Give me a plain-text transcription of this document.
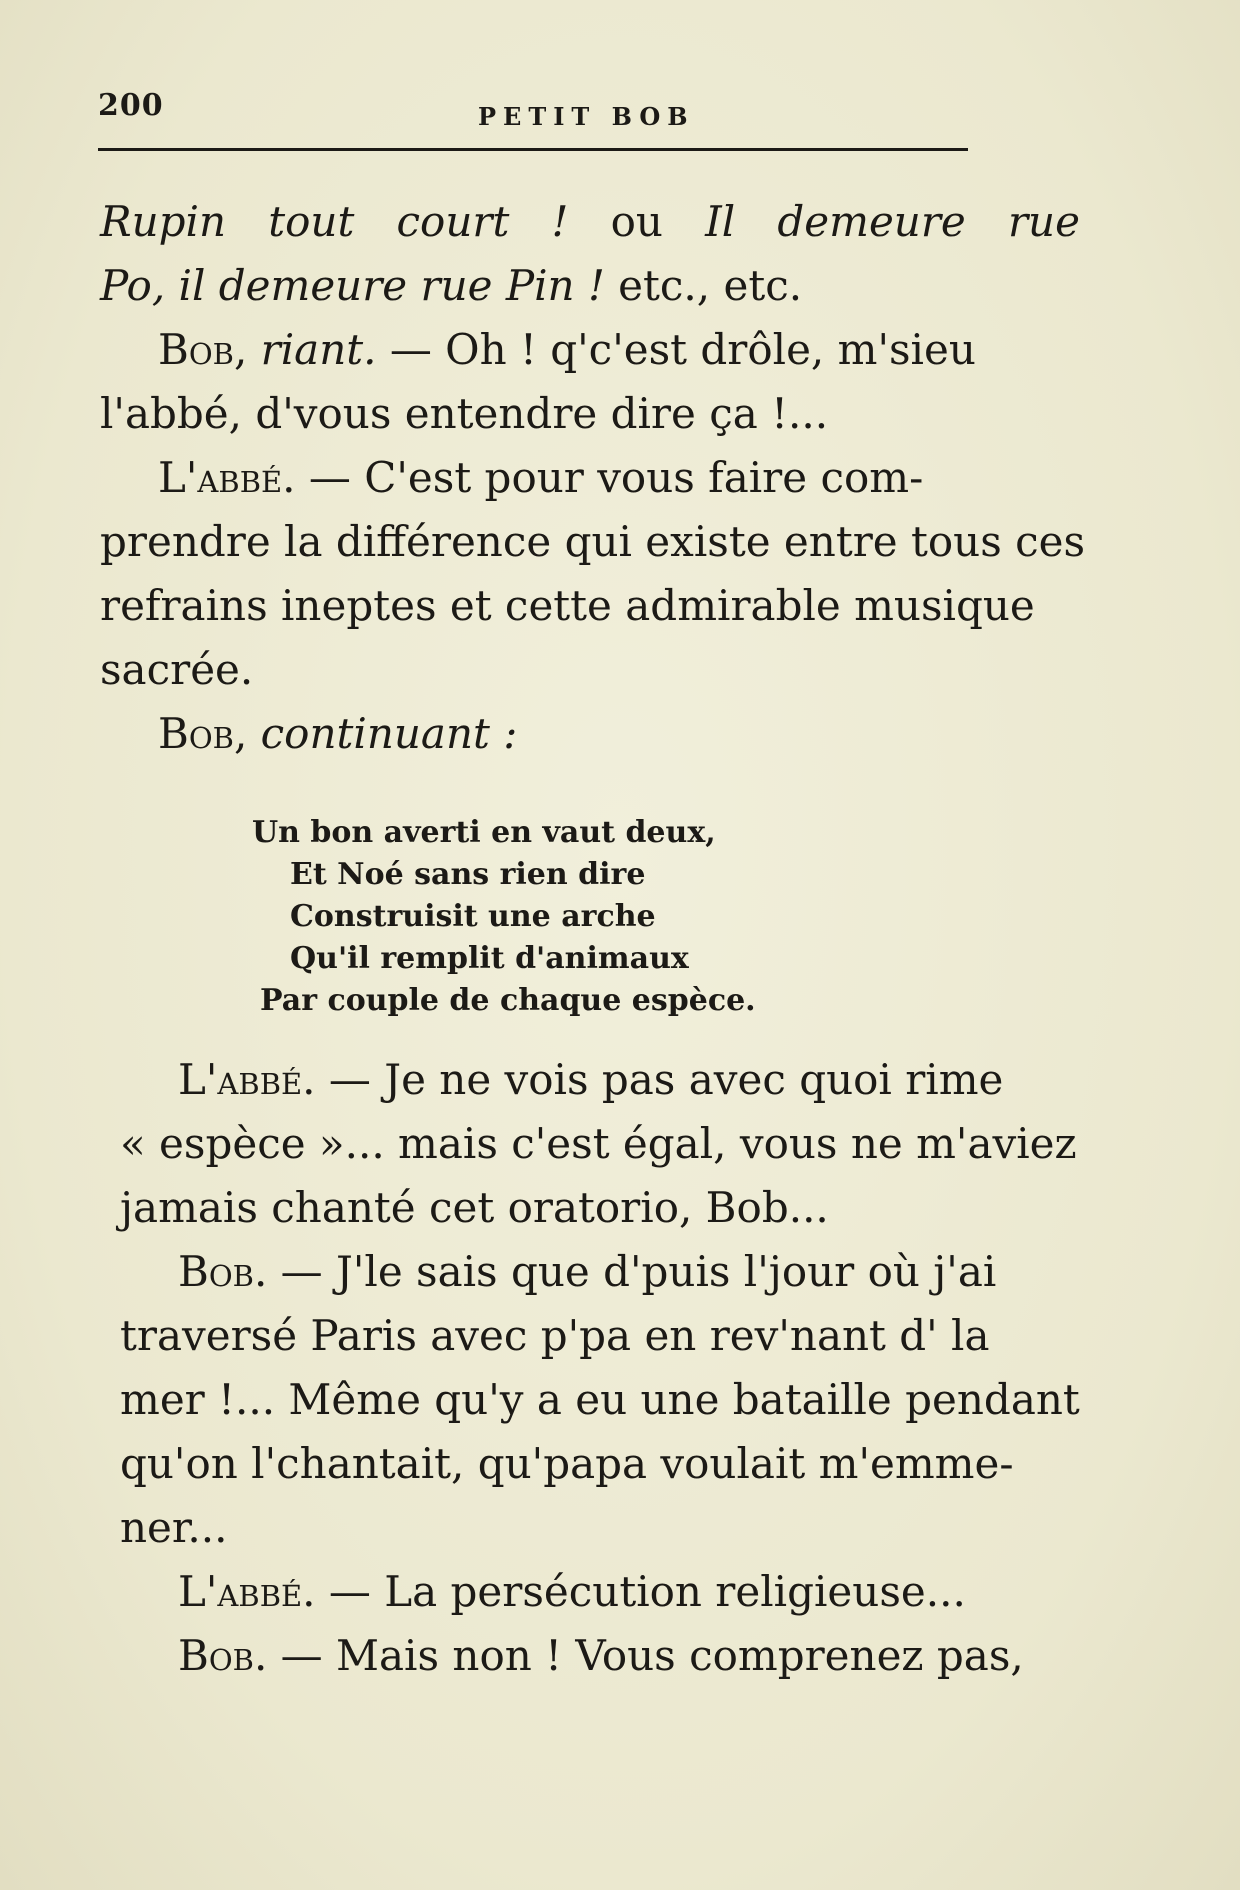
200	PETIT BOB
Rupin tout court ! ou Il demeure rue
Po, il demeure rue Pin ! etc., etc.
Bob, riant. — Oh ! q'c'est drôle, m'sieu
l'abbé, d'vous entendre dire ça !...
L'abbé. — C'est pour vous faire com-
prendre la différence qui existe entre tous ces
refrains ineptes et cette admirable musique
sacrée.
Bob, continuant :
Un bon averti en vaut deux,
Et Noé sans rien dire
Construisit une arche
Qu'il remplit d'animaux
Par couple de chaque espèce.
L'abbé. — Je ne vois pas avec quoi rime
« espèce »... mais c'est égal, vous ne m'aviez
jamais chanté cet oratorio, Bob...
Bob. — J'le sais que d'puis l'jour où j'ai
traversé Paris avec p'pa en rev'nant d' la
mer !... Même qu'y a eu une bataille pendant
qu'on l'chantait, qu'papa voulait m'emme-
ner...
L'abbé. — La persécution religieuse...
Bob. — Mais non ! Vous comprenez pas,
